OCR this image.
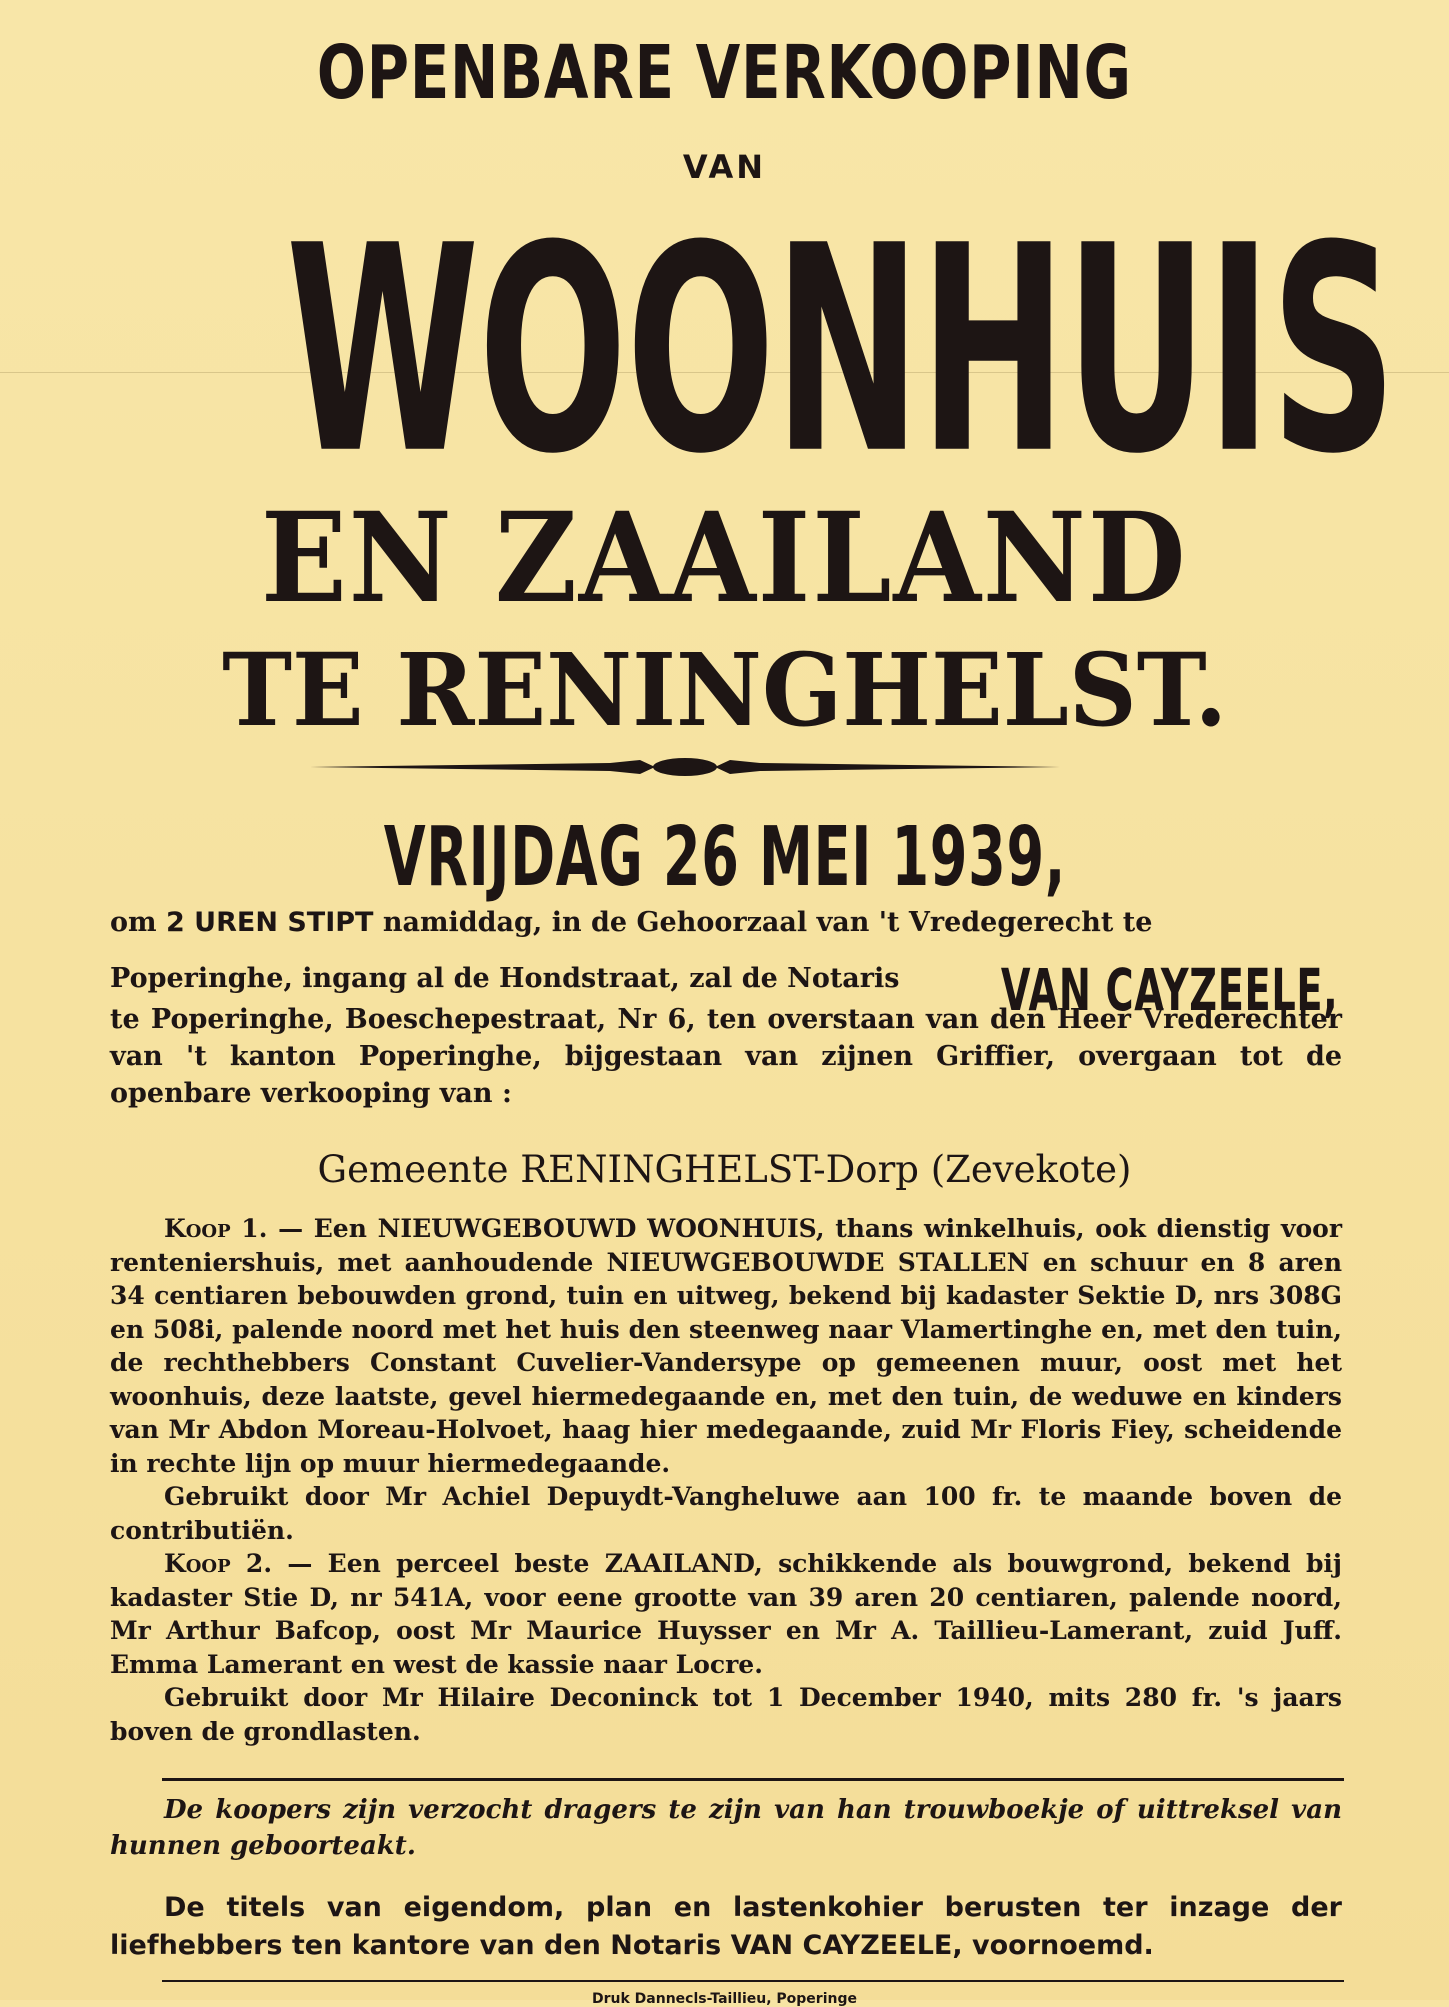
OPENBARE VERKOOPING
VAN
WOONHUIS
EN ZAAILAND
TE RENINGHELST.
VRIJDAG 26 MEI 1939,

om 2 UREN STIPT namiddag, in de Gehoorzaal van 't Vredegerecht te

Poperinghe, ingang al de Hondstraat, zal de Notaris VAN CAYZEELE,

te Poperinghe, Boeschepestraat, Nr 6, ten overstaan van den Heer Vrederechter van 't kanton Poperinghe, bijgestaan van zijnen Griffier, overgaan tot de openbare verkooping van :

Gemeente RENINGHELST-Dorp (Zevekote)

Koop 1. — Een NIEUWGEBOUWD WOONHUIS, thans winkelhuis, ook dienstig voor renteniershuis, met aanhoudende NIEUWGEBOUWDE STALLEN en schuur en 8 aren 34 centiaren bebouwden grond, tuin en uitweg, bekend bij kadaster Sektie D, nrs 308G en 508i, palende noord met het huis den steenweg naar Vlamertinghe en, met den tuin, de rechthebbers Constant Cuvelier-Vandersype op gemeenen muur, oost met het woonhuis, deze laatste, gevel hiermedegaande en, met den tuin, de weduwe en kinders van Mr Abdon Moreau-Holvoet, haag hier medegaande, zuid Mr Floris Fiey, scheidende in rechte lijn op muur hiermedegaande.

Gebruikt door Mr Achiel Depuydt-Vangheluwe aan 100 fr. te maande boven de contributiën.

Koop 2. — Een perceel beste ZAAILAND, schikkende als bouwgrond, bekend bij kadaster Stie D, nr 541A, voor eene grootte van 39 aren 20 centiaren, palende noord, Mr Arthur Bafcop, oost Mr Maurice Huysser en Mr A. Taillieu-Lamerant, zuid Juff. Emma Lamerant en west de kassie naar Locre.

Gebruikt door Mr Hilaire Deconinck tot 1 December 1940, mits 280 fr. 's jaars boven de grondlasten.

De koopers zijn verzocht dragers te zijn van han trouwboekje of uittreksel van hunnen geboorteakt.

De titels van eigendom, plan en lastenkohier berusten ter inzage der liefhebbers ten kantore van den Notaris VAN CAYZEELE, voornoemd.

Druk Dannecls-Taillieu, Poperinge
